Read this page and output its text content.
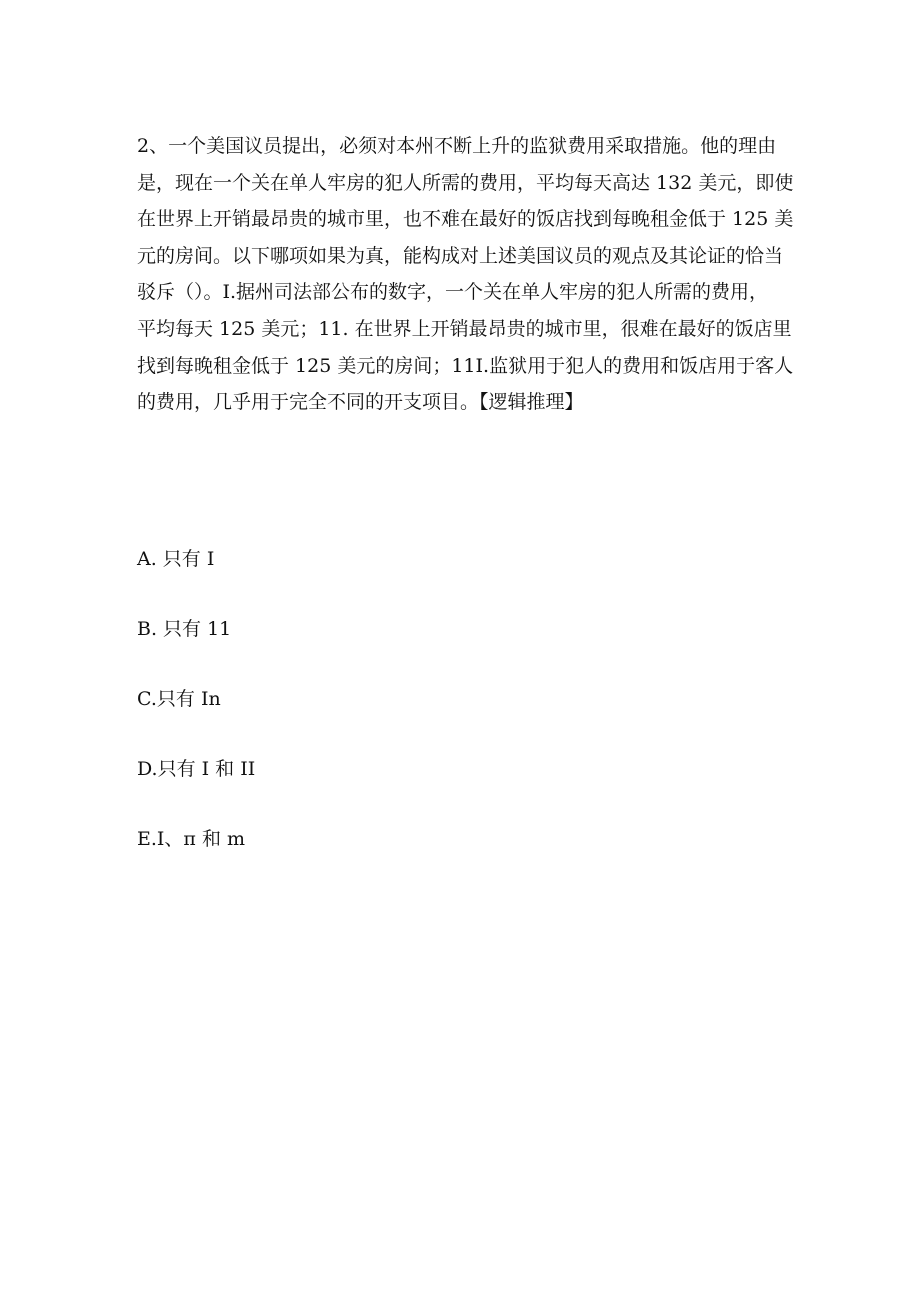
2、一个美国议员提出，必须对本州不断上升的监狱费用采取措施。他的理由
是，现在一个关在单人牢房的犯人所需的费用，平均每天高达 132 美元，即使
在世界上开销最昂贵的城市里，也不难在最好的饭店找到每晚租金低于 125 美
元的房间。以下哪项如果为真，能构成对上述美国议员的观点及其论证的恰当
驳斥（）。I.据州司法部公布的数字，一个关在单人牢房的犯人所需的费用，
平均每天 125 美元；11. 在世界上开销最昂贵的城市里，很难在最好的饭店里
找到每晚租金低于 125 美元的房间；11I.监狱用于犯人的费用和饭店用于客人
的费用，几乎用于完全不同的开支项目。【逻辑推理】
A. 只有 I
B. 只有 11
C.只有 In
D.只有 I 和 II
E.I、π 和 m
